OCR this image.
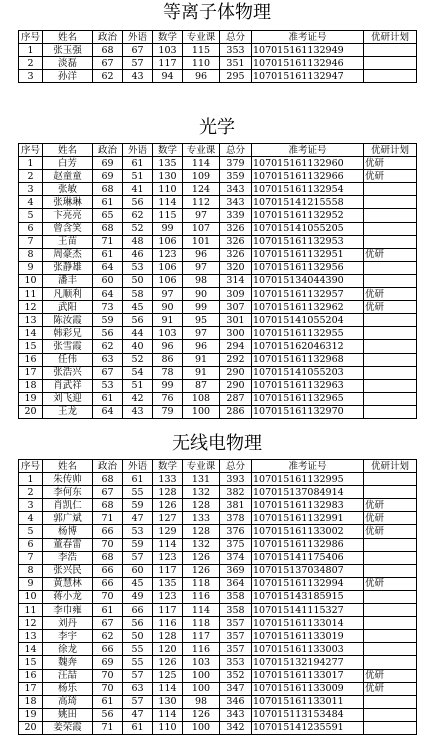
等离子体物理
序号	姓名	政治	外语	数学	专业课	总分	准考证号	优研计划
1	张玉强	68	67	103	115	353	107015161132949	
2	淡磊	67	57	117	110	351	107015161132946	
3	孙洋	62	43	94	96	295	107015161132947	
光学
序号	姓名	政治	外语	数学	专业课	总分	准考证号	优研计划
1	白芳	69	61	135	114	379	107015161132960	优研
2	赵童童	69	51	130	109	359	107015161132966	优研
3	张敏	68	41	110	124	343	107015161132954	
4	张琳琳	61	56	114	112	343	107015141215558	
5	卞亮亮	65	62	115	97	339	107015161132952	
6	曾含笑	68	52	99	107	326	107015141055205	
7	王苗	71	48	106	101	326	107015161132953	
8	周豪杰	61	46	123	96	326	107015161132951	优研
9	张静雄	64	53	106	97	320	107015161132956	
10	潘丰	60	50	106	98	314	107015134044390	
11	凡顺利	64	58	97	90	309	107015161132957	优研
12	武阳	73	45	90	99	307	107015161132962	优研
13	陈汝霞	59	56	91	95	301	107015141055204	
14	韩彩兄	56	44	103	97	300	107015161132955	
15	张雪霞	62	40	96	96	294	107015162046312	
16	任伟	63	52	86	91	292	107015161132968	
17	张浩兴	67	54	78	91	290	107015141055203	
18	肖武祥	53	51	99	87	290	107015161132963	
19	刘飞迎	61	42	76	108	287	107015161132965	
20	王龙	64	43	79	100	286	107015161132970	
无线电物理
序号	姓名	政治	外语	数学	专业课	总分	准考证号	优研计划
1	朱传帅	68	61	133	131	393	107015161132995	
2	李何东	67	55	128	132	382	107015137084914	
3	肖凯仁	68	59	126	128	381	107015161132983	优研
4	郭广斌	71	47	127	133	378	107015161132991	优研
5	杨博	66	53	129	128	376	107015161133002	优研
6	董春雷	70	59	114	132	375	107015161132986	
7	李浩	68	57	123	126	374	107015141175406	
8	张兴民	66	60	117	126	369	107015137034807	
9	黄慧林	66	45	135	118	364	107015161132994	优研
10	蒋小龙	70	49	123	116	358	107015143185915	
11	李巾雍	61	66	117	114	358	107015141115327	
12	刘丹	67	56	116	118	357	107015161133014	
13	李宇	62	50	128	117	357	107015161133019	
14	徐龙	66	55	120	116	357	107015161133003	
15	魏奔	69	55	126	103	353	107015132194277	
16	汪喆	70	57	125	100	352	107015161133017	优研
17	杨乐	70	63	114	100	347	107015161133009	优研
18	高琦	61	57	130	98	346	107015161133011	
19	姚田	56	47	114	126	343	107015113153484	
20	姜荣霞	71	61	110	100	342	107015141235591	
